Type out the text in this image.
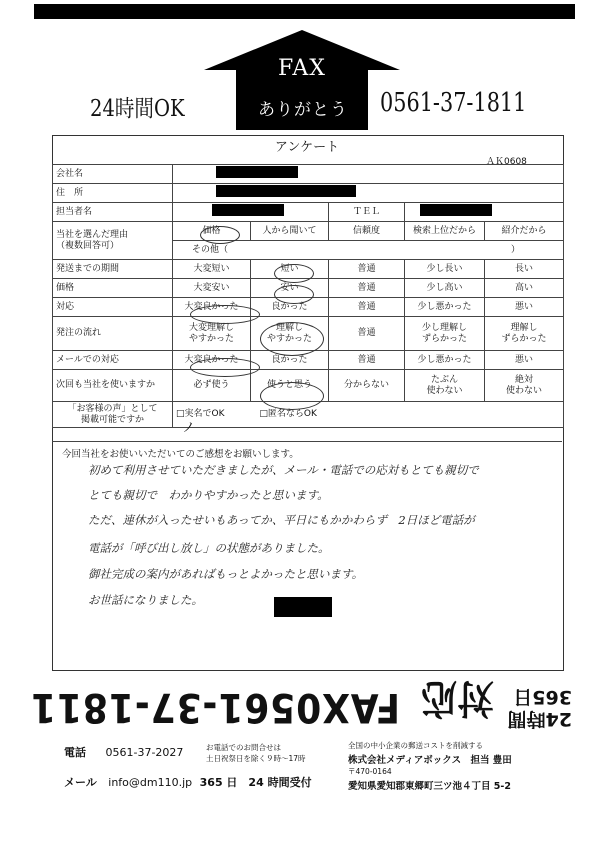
FAX
ありがとう
24時間OK	0561-37-1811
アンケート
ＡＫ0608
会社名					
住　所					
担当者名			ＴＥＬ		

当社を選んだ理由
（複数回答可）	価格	人から聞いて	信頼度	検索上位だから	紹介だから
	その他（ ）				

発送までの期間	大変短い	短い	普通	少し長い	長い
価格	大変安い	安い	普通	少し高い	高い
対応	大変良かった	良かった	普通	少し悪かった	悪い
発注の流れ	大変理解し
やすかった	理解し
やすかった	普通	少し理解し
ずらかった	理解し
ずらかった
メールでの対応	大変良かった	良かった	普通	少し悪かった	悪い
次回も当社を使いますか	必ず使う	使うと思う	分からない	たぶん
使わない	絶対
使わない

「お客様の声」として
掲載可能ですか	□実名でOK □匿名ならOK				
ノ
今回当社をお使いいただいてのご感想をお願いします。
初めて利用させていただきましたが、メール・電話での応対もとても親切で
とても親切で　わかりやすかったと思います。
ただ、連休が入ったせいもあってか、平日にもかかわらず　2日ほど電話が
電話が「呼び出し放し」の状態がありました。
御社完成の案内があればもっとよかったと思います。
お世話になりました。
24時間
365日
対応
FAX0561-37-1811
電話 0561-37-2027	お電話でのお問合せは
土日祝祭日を除く９時～17時
メール info@dm110.jp 365 日　24 時間受付
全国の中小企業の郵送コストを削減する
株式会社メディアボックス 担当 豊田
〒470-0164
愛知県愛知郡東郷町三ツ池４丁目 5-2
